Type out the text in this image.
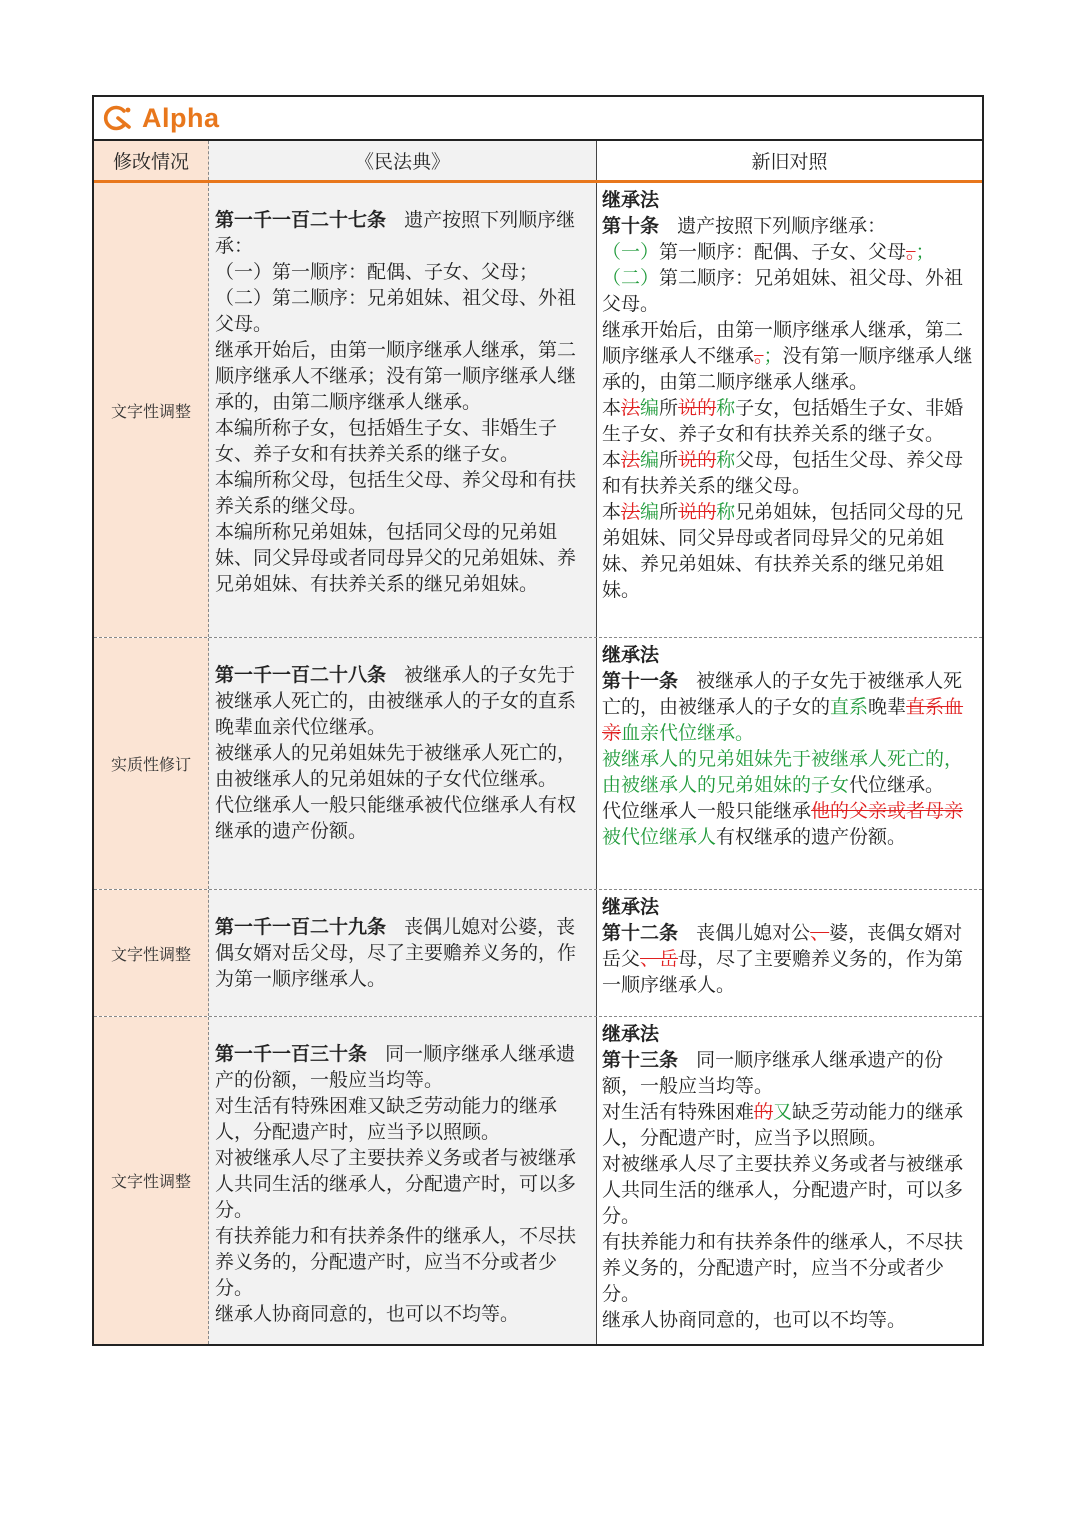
Alpha
修改情况	《民法典》	新旧对照
文字性调整

第一千一百二十七条 遗产按照下列顺序继承：

（一）第一顺序：配偶、子女、父母；

（二）第二顺序：兄弟姐妹、祖父母、外祖父母。

继承开始后，由第一顺序继承人继承，第二顺序继承人不继承；没有第一顺序继承人继承的，由第二顺序继承人继承。

本编所称子女，包括婚生子女、非婚生子女、养子女和有扶养关系的继子女。

本编所称父母，包括生父母、养父母和有扶养关系的继父母。

本编所称兄弟姐妹，包括同父母的兄弟姐妹、同父异母或者同母异父的兄弟姐妹、养兄弟姐妹、有扶养关系的继兄弟姐妹。

继承法

第十条 遗产按照下列顺序继承：

（一）第一顺序：配偶、子女、父母。；

（二）第二顺序：兄弟姐妹、祖父母、外祖父母。

继承开始后，由第一顺序继承人继承，第二顺序继承人不继承。；没有第一顺序继承人继承的，由第二顺序继承人继承。

本法编所说的称子女，包括婚生子女、非婚生子女、养子女和有扶养关系的继子女。

本法编所说的称父母，包括生父母、养父母和有扶养关系的继父母。

本法编所说的称兄弟姐妹，包括同父母的兄弟姐妹、同父异母或者同母异父的兄弟姐妹、养兄弟姐妹、有扶养关系的继兄弟姐妹。

实质性修订

第一千一百二十八条 被继承人的子女先于被继承人死亡的，由被继承人的子女的直系晚辈血亲代位继承。

被继承人的兄弟姐妹先于被继承人死亡的，由被继承人的兄弟姐妹的子女代位继承。

代位继承人一般只能继承被代位继承人有权继承的遗产份额。

继承法

第十一条 被继承人的子女先于被继承人死亡的，由被继承人的子女的直系晚辈直系血亲血亲代位继承。

被继承人的兄弟姐妹先于被继承人死亡的，由被继承人的兄弟姐妹的子女代位继承。

代位继承人一般只能继承他的父亲或者母亲被代位继承人有权继承的遗产份额。

文字性调整

第一千一百二十九条 丧偶儿媳对公婆，丧偶女婿对岳父母，尽了主要赡养义务的，作为第一顺序继承人。

继承法

第十二条 丧偶儿媳对公、婆，丧偶女婿对岳父、岳母，尽了主要赡养义务的，作为第一顺序继承人。

文字性调整

第一千一百三十条 同一顺序继承人继承遗产的份额，一般应当均等。

对生活有特殊困难又缺乏劳动能力的继承人，分配遗产时，应当予以照顾。

对被继承人尽了主要扶养义务或者与被继承人共同生活的继承人，分配遗产时，可以多分。

有扶养能力和有扶养条件的继承人，不尽扶养义务的，分配遗产时，应当不分或者少分。

继承人协商同意的，也可以不均等。

继承法

第十三条 同一顺序继承人继承遗产的份额，一般应当均等。

对生活有特殊困难的又缺乏劳动能力的继承人，分配遗产时，应当予以照顾。

对被继承人尽了主要扶养义务或者与被继承人共同生活的继承人，分配遗产时，可以多分。

有扶养能力和有扶养条件的继承人，不尽扶养义务的，分配遗产时，应当不分或者少分。

继承人协商同意的，也可以不均等。
